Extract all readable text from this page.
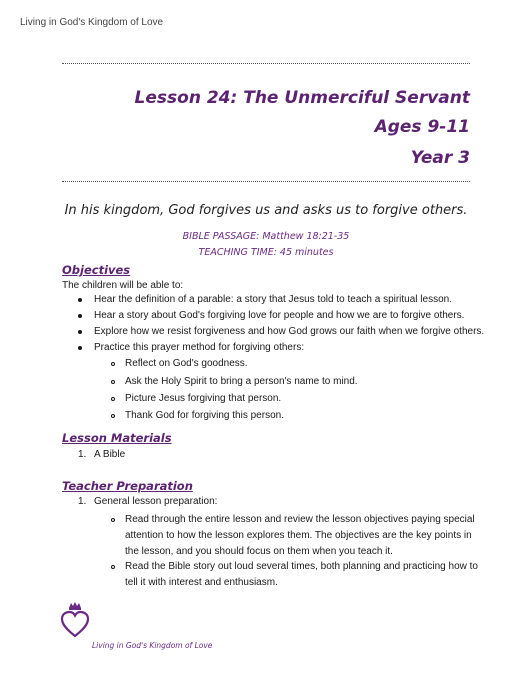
Living in God's Kingdom of Love
Lesson 24: The Unmerciful Servant
Ages 9-11
Year 3
In his kingdom, God forgives us and asks us to forgive others.
BIBLE PASSAGE: Matthew 18:21-35
TEACHING TIME: 45 minutes
Objectives
The children will be able to:
Hear the definition of a parable: a story that Jesus told to teach a spiritual lesson.
Hear a story about God's forgiving love for people and how we are to forgive others.
Explore how we resist forgiveness and how God grows our faith when we forgive others.
Practice this prayer method for forgiving others:
Reflect on God's goodness.
Ask the Holy Spirit to bring a person's name to mind.
Picture Jesus forgiving that person.
Thank God for forgiving this person.
Lesson Materials
1. A Bible
Teacher Preparation
1. General lesson preparation:
Read through the entire lesson and review the lesson objectives paying special
attention to how the lesson explores them. The objectives are the key points in
the lesson, and you should focus on them when you teach it.
Read the Bible story out loud several times, both planning and practicing how to
tell it with interest and enthusiasm.
Living in God's Kingdom of Love
